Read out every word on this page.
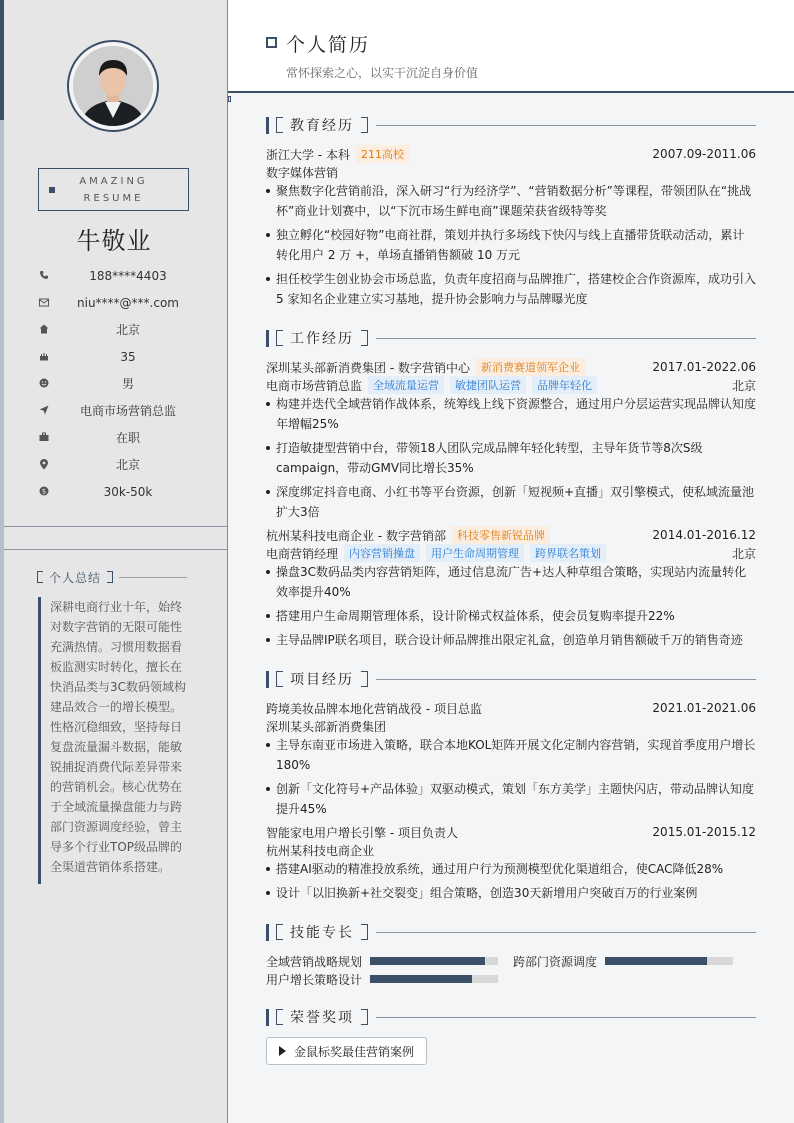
AMAZING
RESUME
牛敬业
188****4403
niu****@***.com
北京
35
男
电商市场营销总监
在职
北京
$	30k-50k
个人总结
深耕电商行业十年，始终对数字营销的无限可能性充满热情。习惯用数据看板监测实时转化，擅长在快消品类与3C数码领域构建品效合一的增长模型。性格沉稳细致，坚持每日复盘流量漏斗数据，能敏锐捕捉消费代际差异带来的营销机会。核心优势在于全域流量操盘能力与跨部门资源调度经验，曾主导多个行业TOP级品牌的全渠道营销体系搭建。
个人简历
常怀探索之心，以实干沉淀自身价值
教育经历
浙江大学 - 本科	211高校	2007.09-2011.06
数字媒体营销
聚焦数字化营销前沿，深入研习“行为经济学”、“营销数据分析”等课程，带领团队在“挑战杯”商业计划赛中，以“下沉市场生鲜电商”课题荣获省级特等奖
独立孵化“校园好物”电商社群，策划并执行多场线下快闪与线上直播带货联动活动，累计转化用户 2 万 +，单场直播销售额破 10 万元
担任校学生创业协会市场总监，负责年度招商与品牌推广，搭建校企合作资源库，成功引入 5 家知名企业建立实习基地，提升协会影响力与品牌曝光度
工作经历
深圳某头部新消费集团 - 数字营销中心	新消费赛道领军企业	2017.01-2022.06
电商市场营销总监	全域流量运营	敏捷团队运营	品牌年轻化	北京
构建并迭代全域营销作战体系，统筹线上线下资源整合，通过用户分层运营实现品牌认知度年增幅25%
打造敏捷型营销中台，带领18人团队完成品牌年轻化转型，主导年货节等8次S级campaign，带动GMV同比增长35%
深度绑定抖音电商、小红书等平台资源，创新「短视频+直播」双引擎模式，使私域流量池扩大3倍
杭州某科技电商企业 - 数字营销部	科技零售新锐品牌	2014.01-2016.12
电商营销经理	内容营销操盘	用户生命周期管理	跨界联名策划	北京
操盘3C数码品类内容营销矩阵，通过信息流广告+达人种草组合策略，实现站内流量转化效率提升40%
搭建用户生命周期管理体系，设计阶梯式权益体系，使会员复购率提升22%
主导品牌IP联名项目，联合设计师品牌推出限定礼盒，创造单月销售额破千万的销售奇迹
项目经历
跨境美妆品牌本地化营销战役 - 项目总监	2021.01-2021.06
深圳某头部新消费集团
主导东南亚市场进入策略，联合本地KOL矩阵开展文化定制内容营销，实现首季度用户增长180%
创新「文化符号+产品体验」双驱动模式，策划「东方美学」主题快闪店，带动品牌认知度提升45%
智能家电用户增长引擎 - 项目负责人	2015.01-2015.12
杭州某科技电商企业
搭建AI驱动的精准投放系统，通过用户行为预测模型优化渠道组合，使CAC降低28%
设计「以旧换新+社交裂变」组合策略，创造30天新增用户突破百万的行业案例
技能专长
全域营销战略规划	跨部门资源调度
用户增长策略设计
荣誉奖项
金鼠标奖最佳营销案例
